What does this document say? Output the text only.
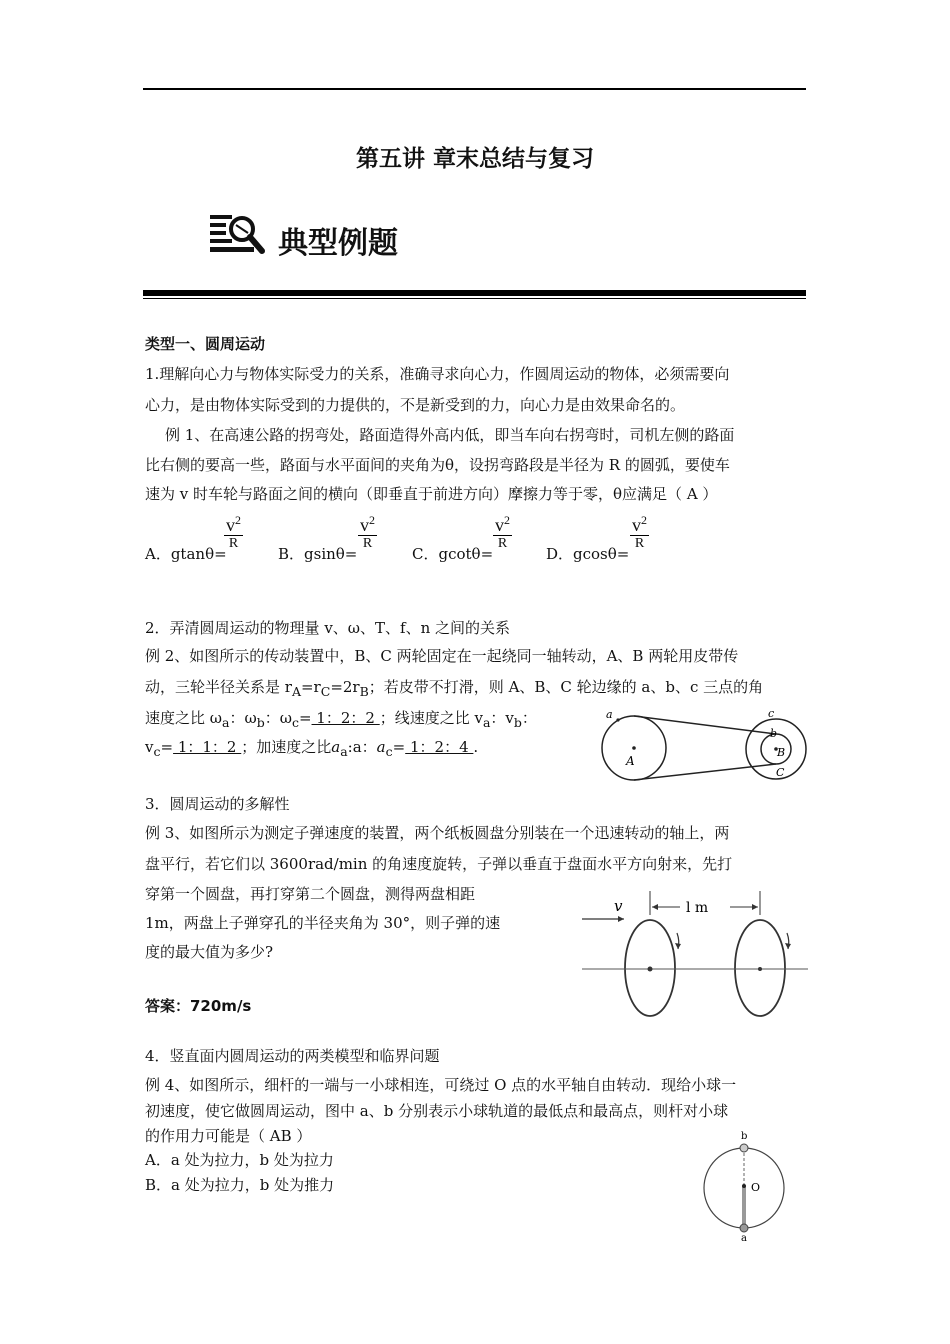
第五讲 章末总结与复习
典型例题
类型一、圆周运动
1.理解向心力与物体实际受力的关系，准确寻求向心力，作圆周运动的物体，必须需要向
心力，是由物体实际受到的力提供的，不是新受到的力，向心力是由效果命名的。
例 1、在高速公路的拐弯处，路面造得外高内低，即当车向右拐弯时，司机左侧的路面
比右侧的要高一些，路面与水平面间的夹角为θ，设拐弯路段是半径为 R 的圆弧，要使车
速为 v 时车轮与路面之间的横向（即垂直于前进方向）摩擦力等于零，θ应满足（ A ）
A．gtanθ=
$v^2$
R
B．gsinθ=
$v^2$
R
C．gcotθ=
$v^2$
R
D．gcosθ=
$v^2$
R
2．弄清圆周运动的物理量 v、ω、T、f、n 之间的关系
例 2、如图所示的传动装置中，B、C 两轮固定在一起绕同一轴转动，A、B 两轮用皮带传
动，三轮半径关系是 $r_A=r_C=2r_B$；若皮带不打滑，则 A、B、C 轮边缘的 a、b、c 三点的角
速度之比 $\omega_a$：$\omega_b$：$\omega_c= 1$：2：2 ；线速度之比 $v_a$：$v_b$：
$v_c= 1$：1：2 ；加速度之比$a_a:a$：$a_c= 1$：2：4 .
a
A
c
b
B
C
3．圆周运动的多解性
例 3、如图所示为测定子弹速度的装置，两个纸板圆盘分别装在一个迅速转动的轴上，两
盘平行，若它们以 3600rad/min 的角速度旋转，子弹以垂直于盘面水平方向射来，先打
穿第一个圆盘，再打穿第二个圆盘，测得两盘相距
1m，两盘上子弹穿孔的半径夹角为 30°，则子弹的速
度的最大值为多少?
答案：720m/s
v	l m
4．竖直面内圆周运动的两类模型和临界问题
例 4、如图所示，细杆的一端与一小球相连，可绕过 O 点的水平轴自由转动．现给小球一
初速度，使它做圆周运动，图中 a、b 分别表示小球轨道的最低点和最高点，则杆对小球
的作用力可能是（ AB ）
A．a 处为拉力，b 处为拉力
B．a 处为拉力，b 处为推力
b
O
a
